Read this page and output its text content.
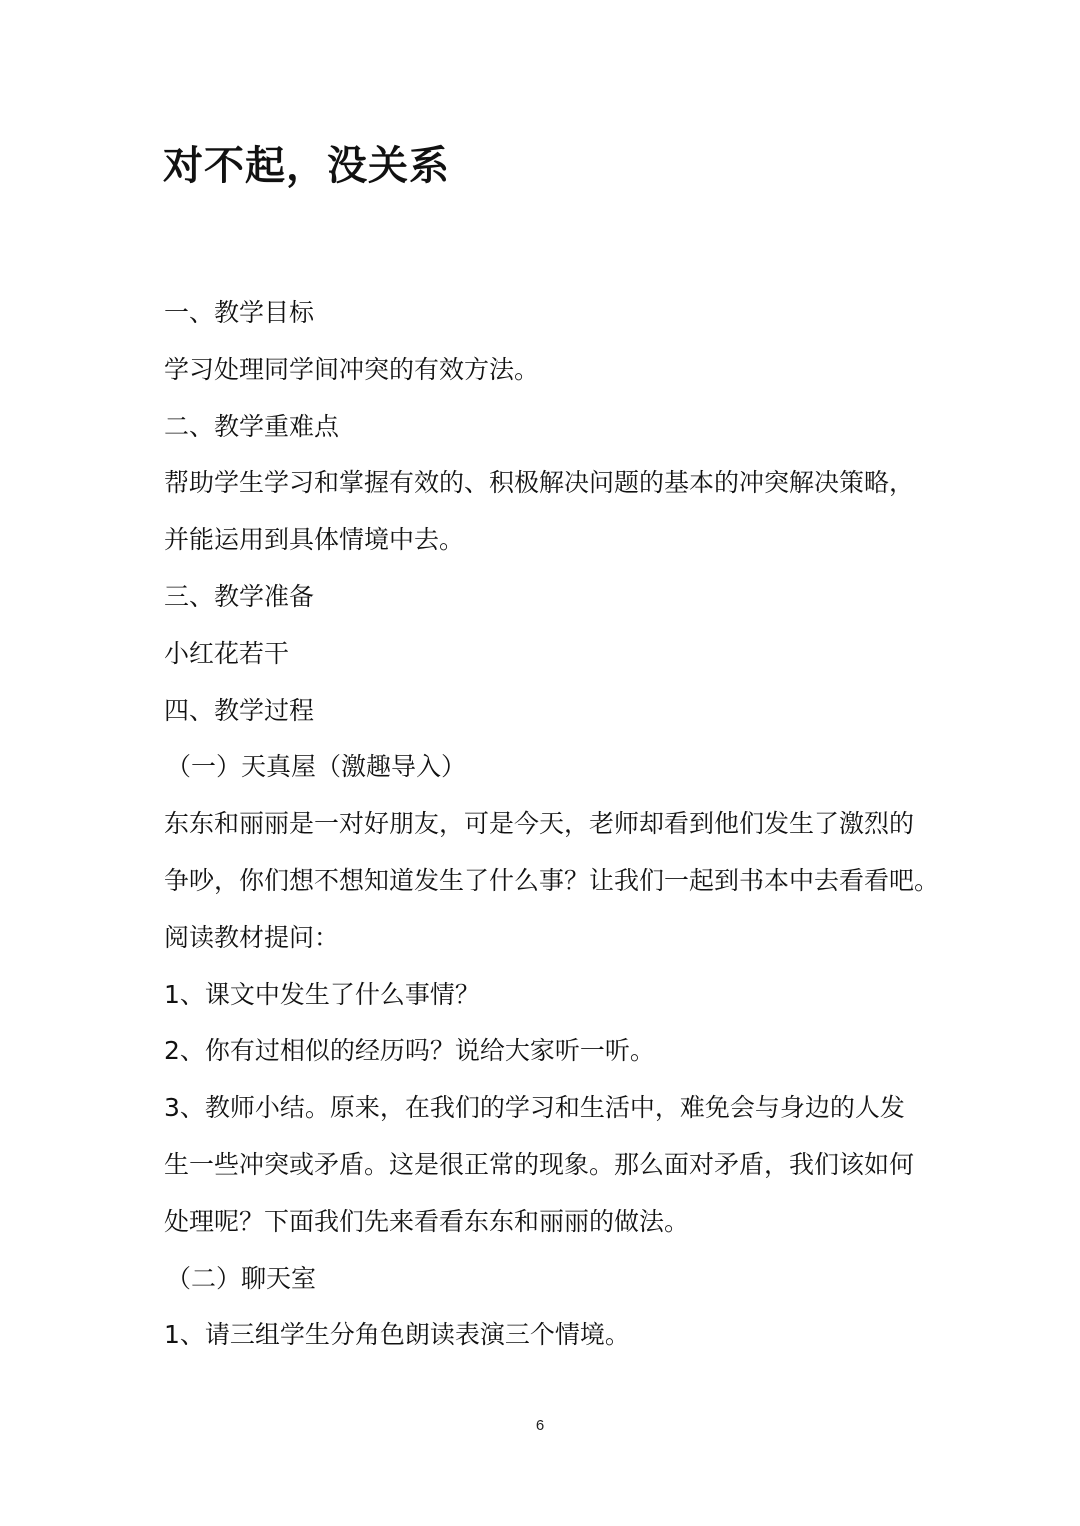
对不起，没关系
一、教学目标
学习处理同学间冲突的有效方法。
二、教学重难点
帮助学生学习和掌握有效的、积极解决问题的基本的冲突解决策略，
并能运用到具体情境中去。
三、教学准备
小红花若干
四、教学过程
（一）天真屋（激趣导入）
东东和丽丽是一对好朋友，可是今天，老师却看到他们发生了激烈的
争吵，你们想不想知道发生了什么事？让我们一起到书本中去看看吧。
阅读教材提问：
1、课文中发生了什么事情？
2、你有过相似的经历吗？说给大家听一听。
3、教师小结。原来，在我们的学习和生活中，难免会与身边的人发
生一些冲突或矛盾。这是很正常的现象。那么面对矛盾，我们该如何
处理呢？下面我们先来看看东东和丽丽的做法。
（二）聊天室
1、请三组学生分角色朗读表演三个情境。
6
